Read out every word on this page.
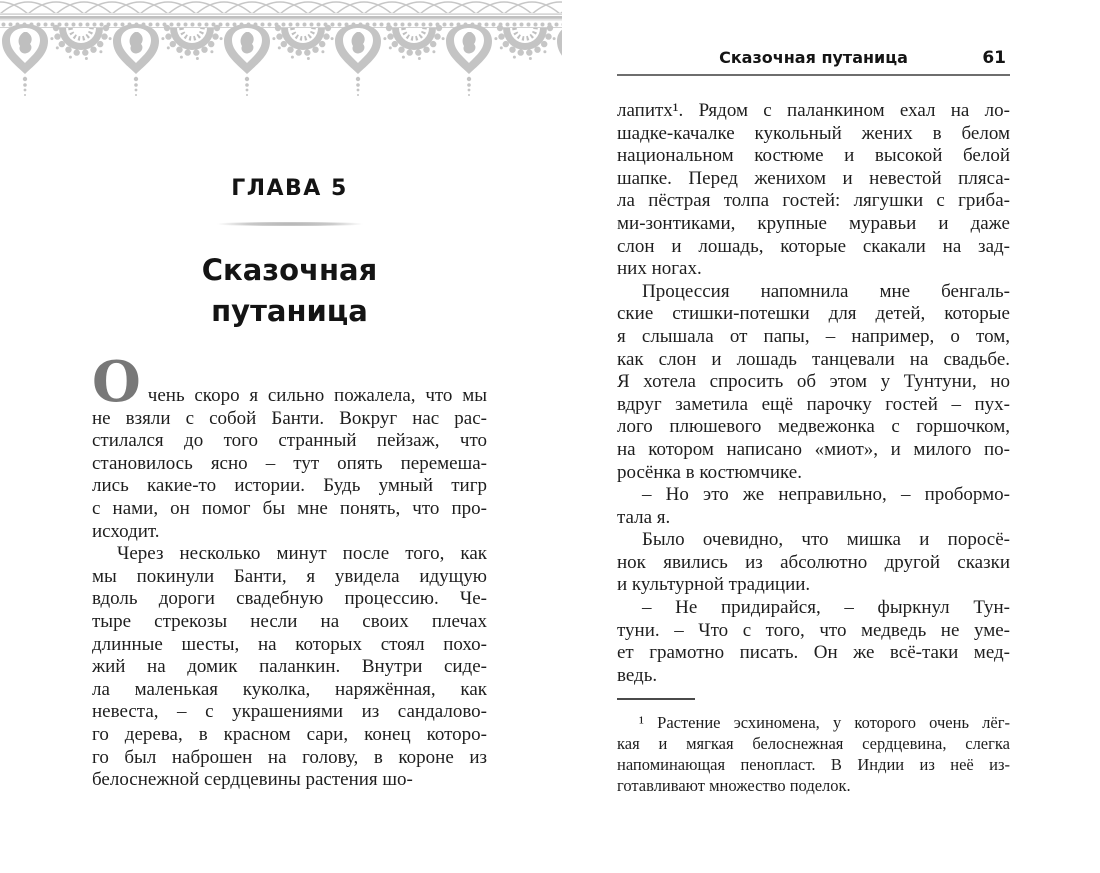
ГЛАВА 5
Сказочная
путаница
Очень скоро я сильно пожалела, что мы
не взяли с собой Банти. Вокруг нас рас-
стилался до того странный пейзаж, что
становилось ясно – тут опять перемеша-
лись какие-то истории. Будь умный тигр
с нами, он помог бы мне понять, что про-
исходит.
Через несколько минут после того, как
мы покинули Банти, я увидела идущую
вдоль дороги свадебную процессию. Че-
тыре стрекозы несли на своих плечах
длинные шесты, на которых стоял похо-
жий на домик паланкин. Внутри сиде-
ла маленькая куколка, наряжённая, как
невеста, – с украшениями из сандалово-
го дерева, в красном сари, конец которо-
го был наброшен на голову, в короне из
белоснежной сердцевины растения шо-
Сказочная путаница	61
лапитх¹. Рядом с паланкином ехал на ло-
шадке-качалке кукольный жених в белом
национальном костюме и высокой белой
шапке. Перед женихом и невестой пляса-
ла пёстрая толпа гостей: лягушки с гриба-
ми-зонтиками, крупные муравьи и даже
слон и лошадь, которые скакали на зад-
них ногах.
Процессия напомнила мне бенгаль-
ские стишки-потешки для детей, которые
я слышала от папы, – например, о том,
как слон и лошадь танцевали на свадьбе.
Я хотела спросить об этом у Тунтуни, но
вдруг заметила ещё парочку гостей – пух-
лого плюшевого медвежонка с горшочком,
на котором написано «миот», и милого по-
росёнка в костюмчике.
– Но это же неправильно, – пробормо-
тала я.
Было очевидно, что мишка и поросё-
нок явились из абсолютно другой сказки
и культурной традиции.
– Не придирайся, – фыркнул Тун-
туни. – Что с того, что медведь не уме-
ет грамотно писать. Он же всё-таки мед-
ведь.
¹ Растение эсхиномена, у которого очень лёг-
кая и мягкая белоснежная сердцевина, слегка
напоминающая пенопласт. В Индии из неё из-
готавливают множество поделок.
